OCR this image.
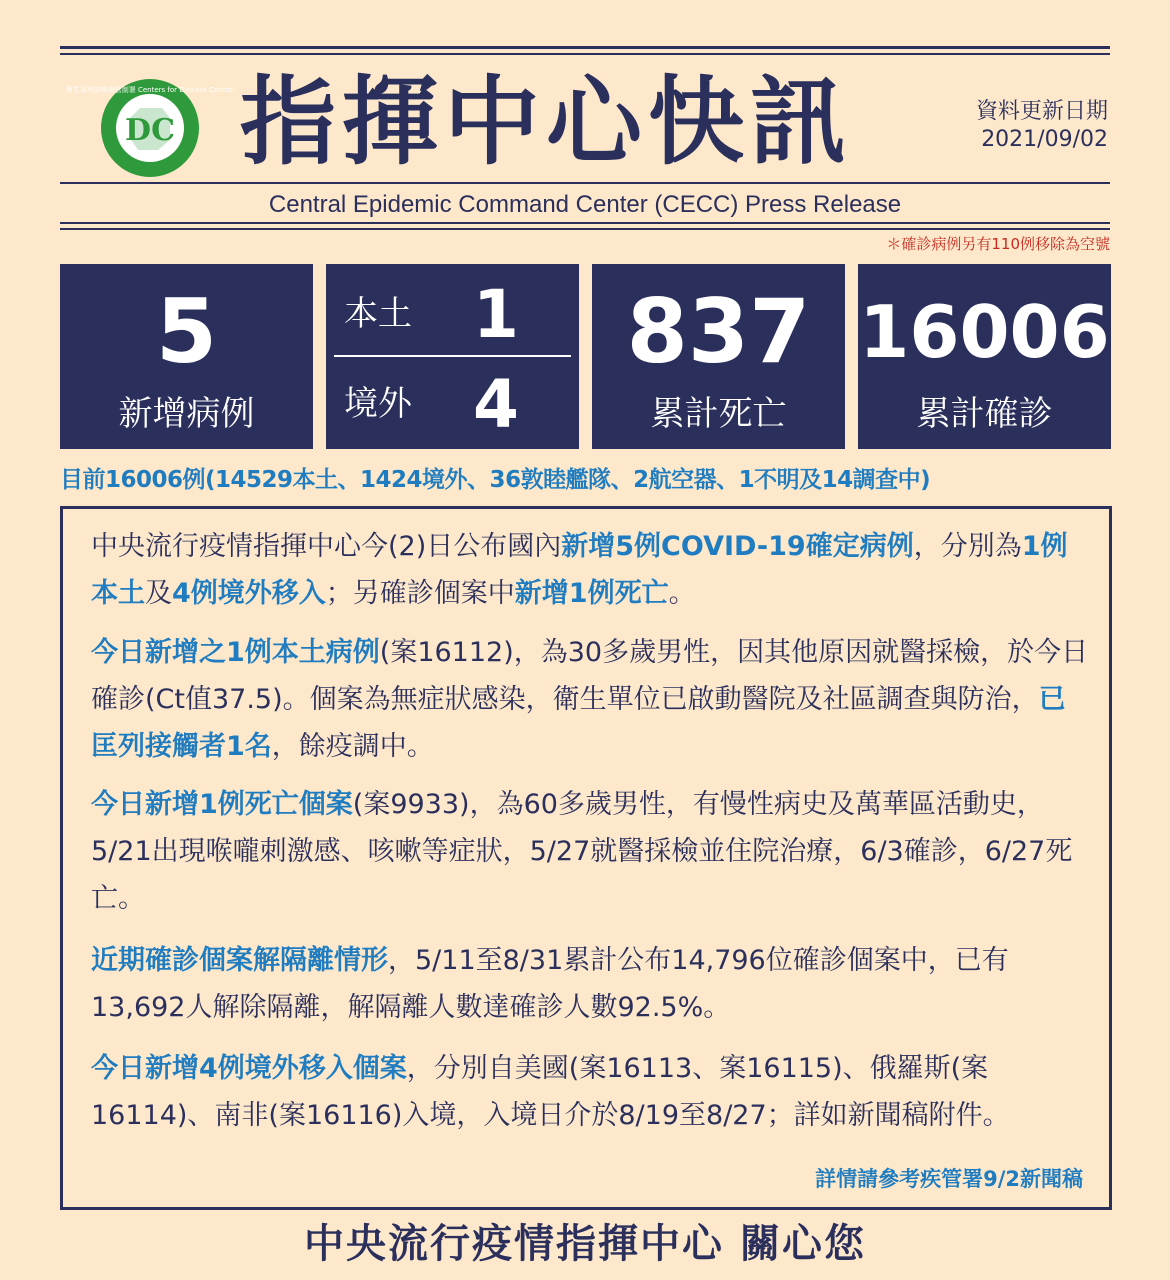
DC
衛生福利部疾病管制署 Centers for Disease Control 指揮中心快訊	資料更新日期
2021/09/02
Central Epidemic Command Center (CECC) Press Release
＊確診病例另有110例移除為空號
5
新增病例
本土 1
境外 4
837
累計死亡
16006
累計確診
目前16006例(14529本土、1424境外、36敦睦艦隊、2航空器、1不明及14調查中)
中央流行疫情指揮中心今(2)日公布國內新增5例COVID-19確定病例，分別為1例本土及4例境外移入；另確診個案中新增1例死亡。
今日新增之1例本土病例(案16112)，為30多歲男性，因其他原因就醫採檢，於今日確診(Ct值37.5)。個案為無症狀感染，衛生單位已啟動醫院及社區調查與防治，已匡列接觸者1名，餘疫調中。
今日新增1例死亡個案(案9933)，為60多歲男性，有慢性病史及萬華區活動史，5/21出現喉嚨刺激感、咳嗽等症狀，5/27就醫採檢並住院治療，6/3確診，6/27死亡。
近期確診個案解隔離情形，5/11至8/31累計公布14,796位確診個案中，已有13,692人解除隔離，解隔離人數達確診人數92.5%。
今日新增4例境外移入個案，分別自美國(案16113、案16115)、俄羅斯(案16114)、南非(案16116)入境，入境日介於8/19至8/27；詳如新聞稿附件。
詳情請參考疾管署9/2新聞稿
中央流行疫情指揮中心 關心您
